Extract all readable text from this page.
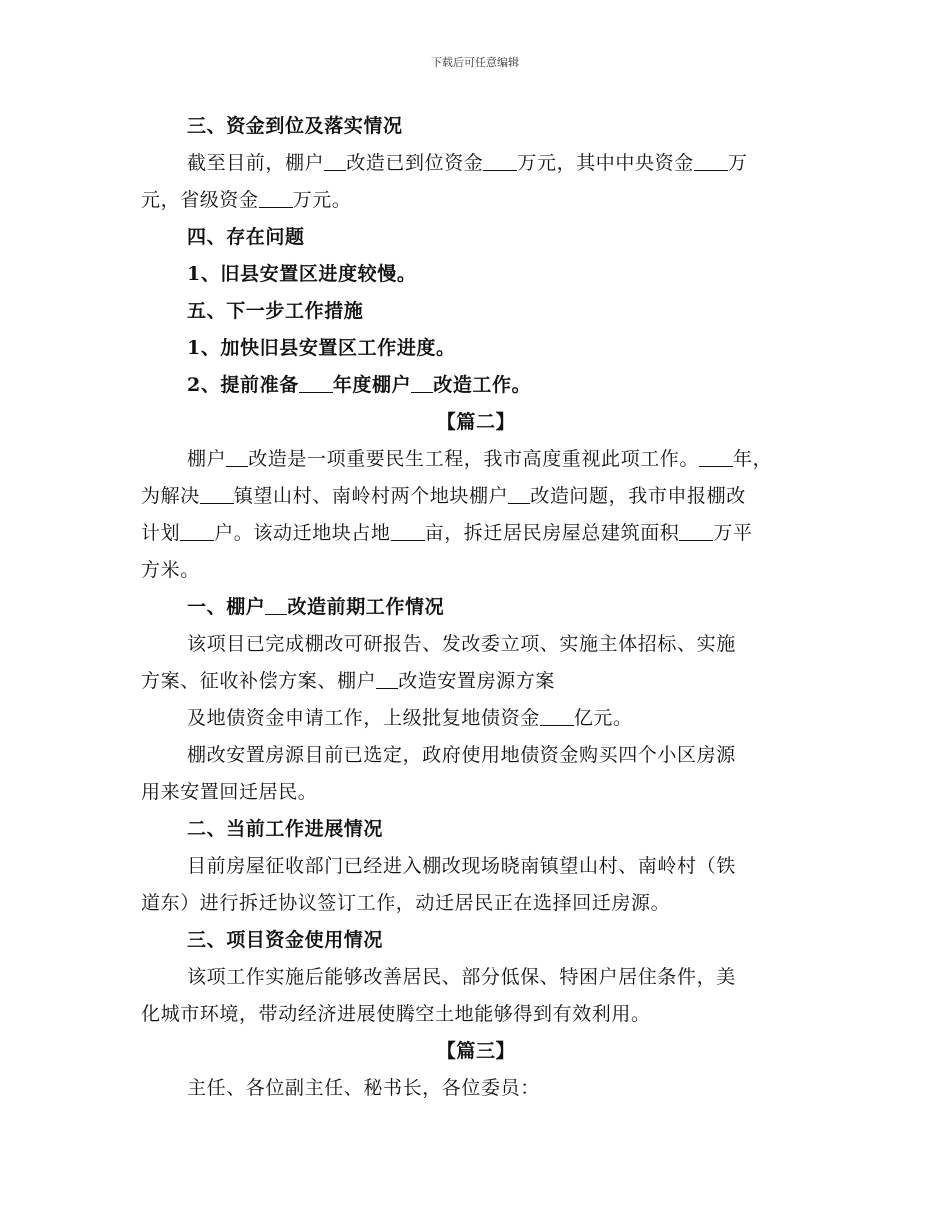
下载后可任意编辑
三、资金到位及落实情况
截至目前，棚户 改造已到位资金 万元，其中中央资金 万
元，省级资金 万元。
四、存在问题
1、旧县安置区进度较慢。
五、下一步工作措施
1、加快旧县安置区工作进度。
2、提前准备 年度棚户 改造工作。
【篇二】
棚户 改造是一项重要民生工程，我市高度重视此项工作。 年，
为解决 镇望山村、南岭村两个地块棚户 改造问题，我市申报棚改
计划 户。该动迁地块占地 亩，拆迁居民房屋总建筑面积 万平
方米。
一、棚户 改造前期工作情况
该项目已完成棚改可研报告、发改委立项、实施主体招标、实施
方案、征收补偿方案、棚户 改造安置房源方案
及地债资金申请工作，上级批复地债资金 亿元。
棚改安置房源目前已选定，政府使用地债资金购买四个小区房源
用来安置回迁居民。
二、当前工作进展情况
目前房屋征收部门已经进入棚改现场晓南镇望山村、南岭村（铁
道东）进行拆迁协议签订工作，动迁居民正在选择回迁房源。
三、项目资金使用情况
该项工作实施后能够改善居民、部分低保、特困户居住条件，美
化城市环境，带动经济进展使腾空土地能够得到有效利用。
【篇三】
主任、各位副主任、秘书长，各位委员：
